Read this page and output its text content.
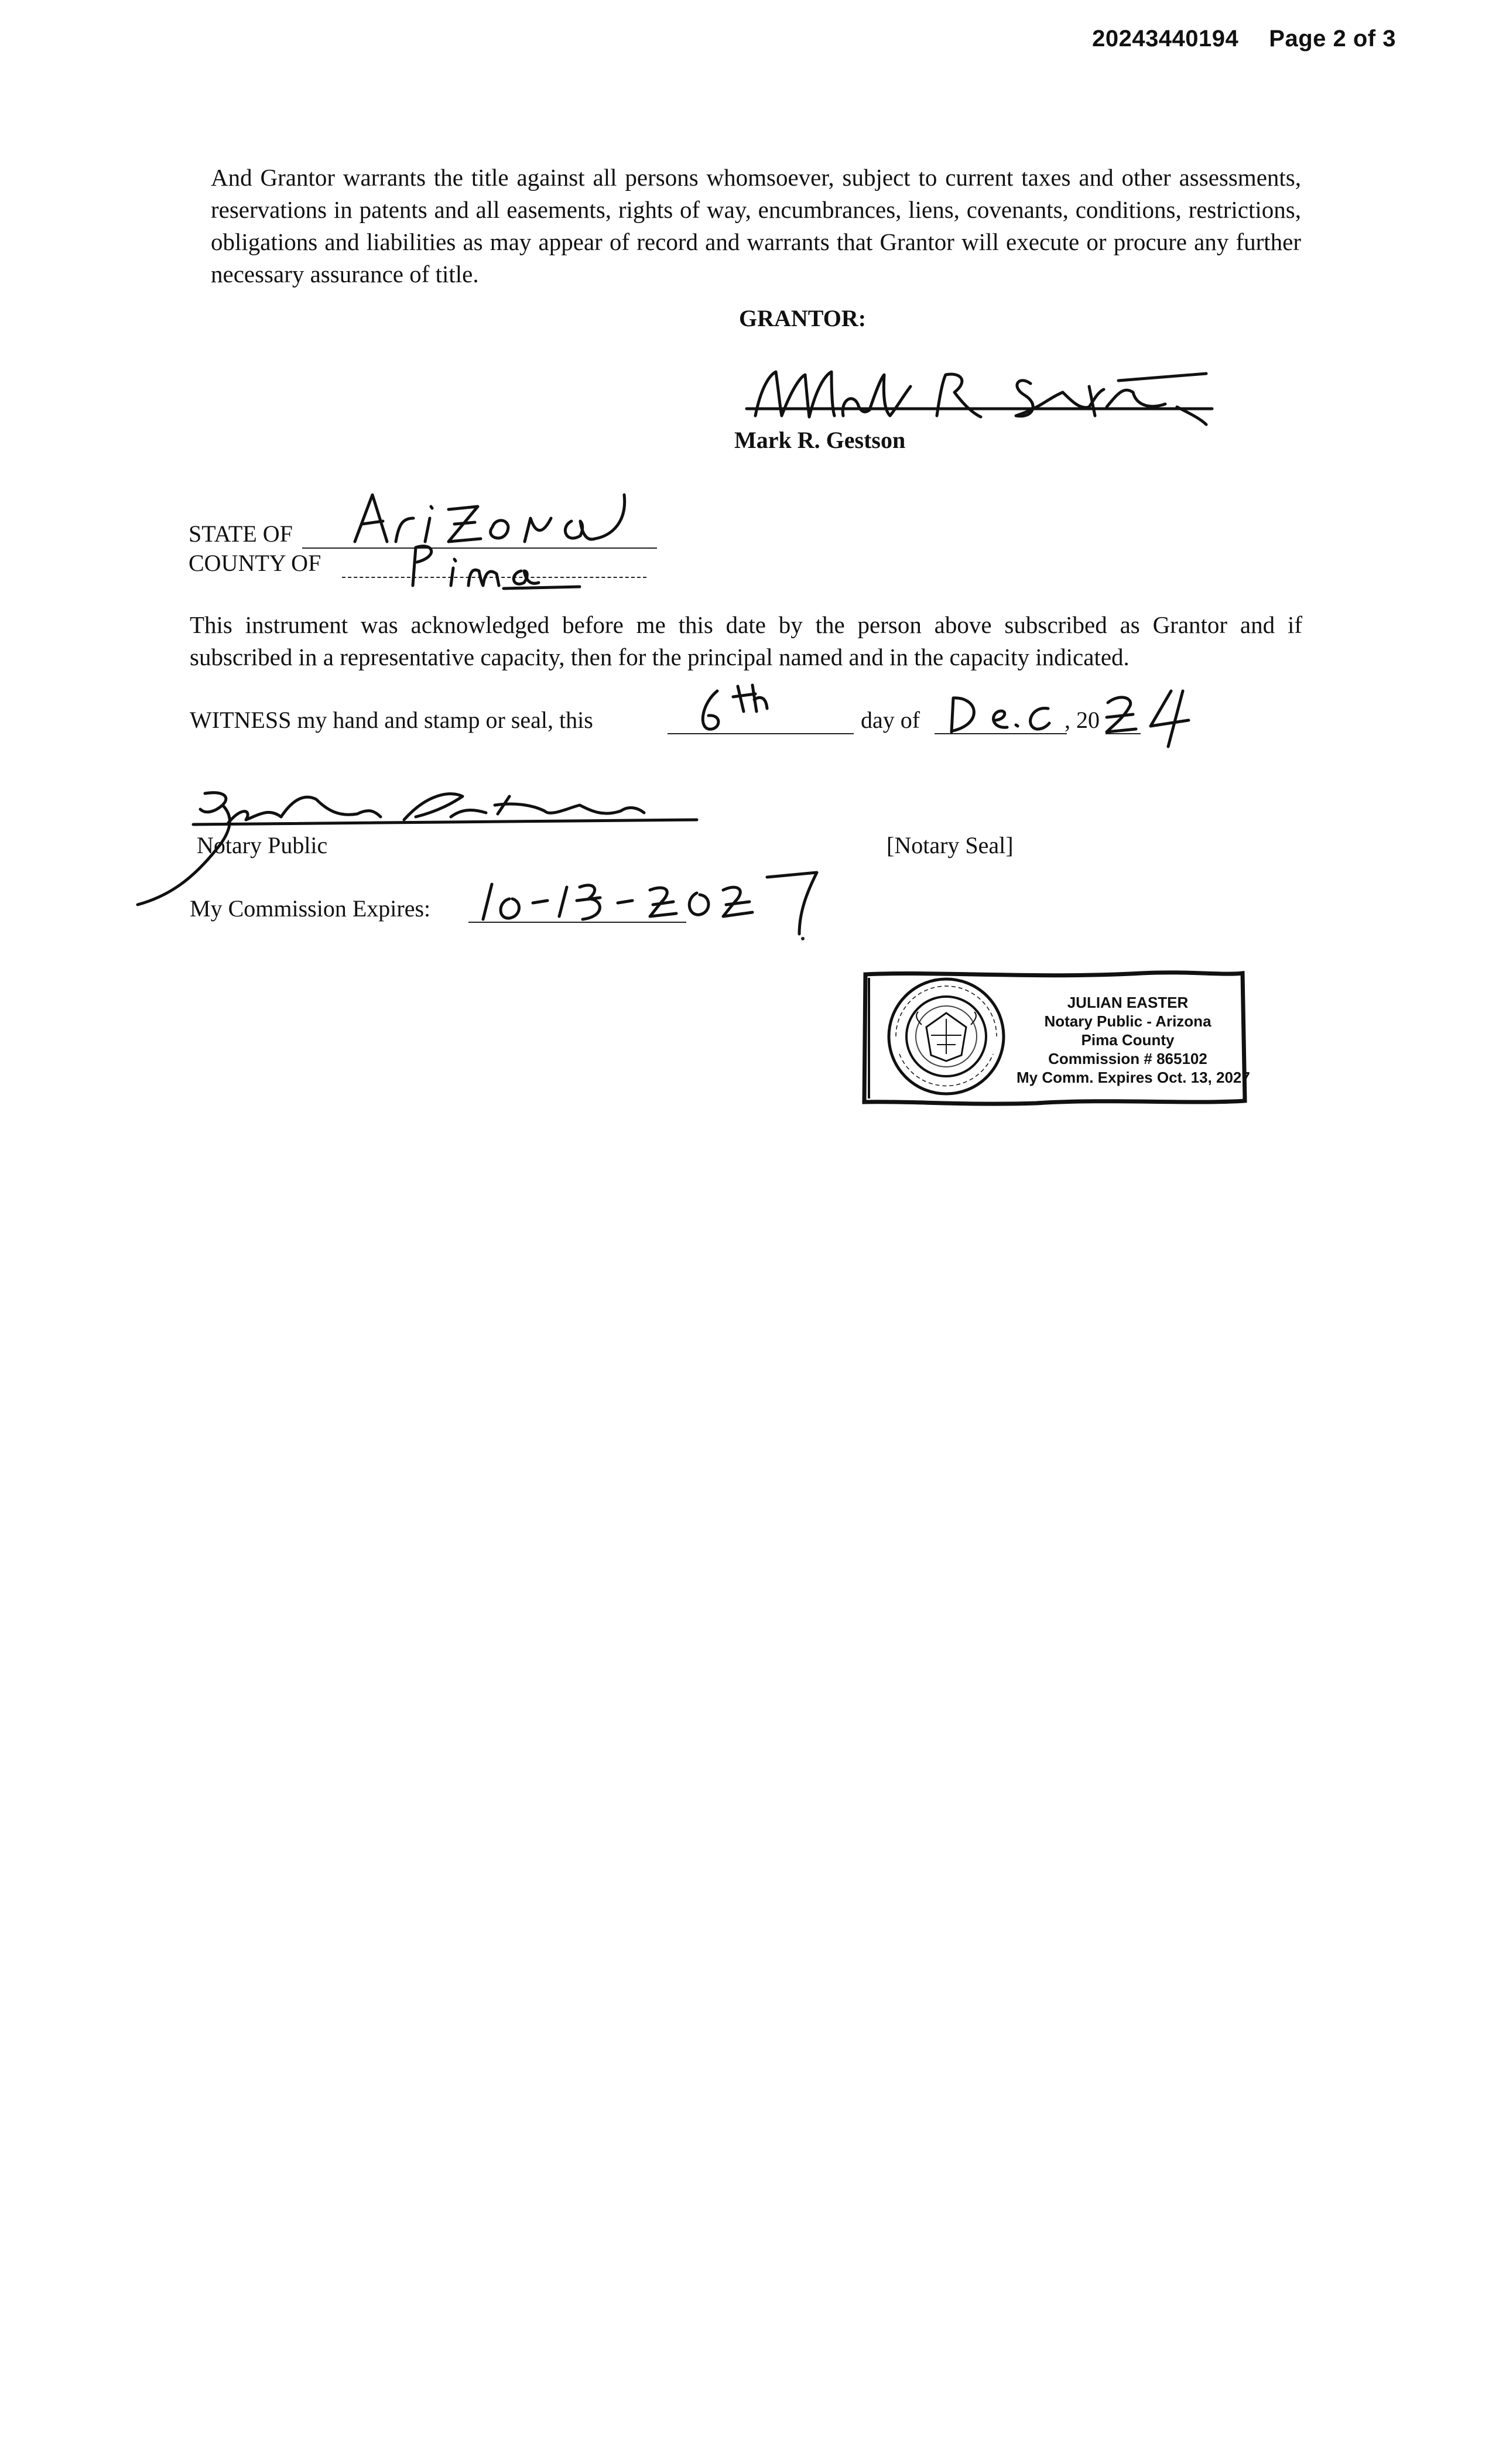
20243440194 Page 2 of 3
And Grantor warrants the title against all persons whomsoever, subject to current taxes and other assessments, reservations in patents and all easements, rights of way, encumbrances, liens, covenants, conditions, restrictions, obligations and liabilities as may appear of record and warrants that Grantor will execute or procure any further necessary assurance of title.
GRANTOR:
Mark R. Gestson
STATE OF
COUNTY OF
This instrument was acknowledged before me this date by the person above subscribed as Grantor and if subscribed in a representative capacity, then for the principal named and in the capacity indicated.
WITNESS my hand and stamp or seal, this	day of	, 20
Notary Public	[Notary Seal]
My Commission Expires:
JULIAN EASTER
Notary Public - Arizona
Pima County
Commission # 865102
My Comm. Expires Oct. 13, 2027
